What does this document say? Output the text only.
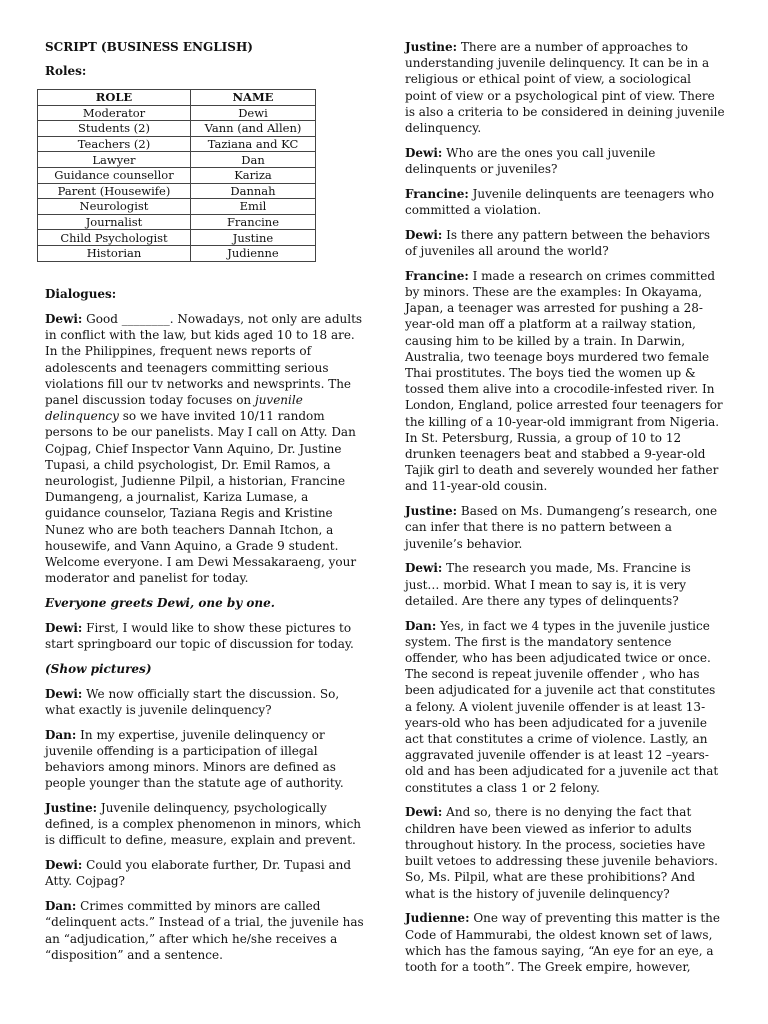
SCRIPT (BUSINESS ENGLISH)

Roles:

ROLE	NAME
Moderator	Dewi
Students (2)	Vann (and Allen)
Teachers (2)	Taziana and KC
Lawyer	Dan
Guidance counsellor	Kariza
Parent (Housewife)	Dannah
Neurologist	Emil
Journalist	Francine
Child Psychologist	Justine
Historian	Judienne

Dialogues:

Dewi: Good ________. Nowadays, not only are adults in conflict with the law, but kids aged 10 to 18 are. In the Philippines, frequent news reports of adolescents and teenagers committing serious violations fill our tv networks and newsprints. The panel discussion today focuses on juvenile delinquency so we have invited 10/11 random persons to be our panelists. May I call on Atty. Dan Cojpag, Chief Inspector Vann Aquino, Dr. Justine Tupasi, a child psychologist, Dr. Emil Ramos, a neurologist, Judienne Pilpil, a historian, Francine Dumangeng, a journalist, Kariza Lumase, a guidance counselor, Taziana Regis and Kristine Nunez who are both teachers Dannah Itchon, a housewife, and Vann Aquino, a Grade 9 student. Welcome everyone. I am Dewi Messakaraeng, your moderator and panelist for today.

Everyone greets Dewi, one by one.

Dewi: First, I would like to show these pictures to start springboard our topic of discussion for today.

(Show pictures)

Dewi: We now officially start the discussion. So, what exactly is juvenile delinquency?

Dan: In my expertise, juvenile delinquency or juvenile offending is a participation of illegal behaviors among minors. Minors are defined as people younger than the statute age of authority.

Justine: Juvenile delinquency, psychologically defined, is a complex phenomenon in minors, which is difficult to define, measure, explain and prevent.

Dewi: Could you elaborate further, Dr. Tupasi and Atty. Cojpag?

Dan: Crimes committed by minors are called “delinquent acts.” Instead of a trial, the juvenile has an “adjudication,” after which he/she receives a “disposition” and a sentence.

Justine: There are a number of approaches to understanding juvenile delinquency. It can be in a religious or ethical point of view, a sociological point of view or a psychological pint of view. There is also a criteria to be considered in deining juvenile delinquency.

Dewi: Who are the ones you call juvenile delinquents or juveniles?

Francine: Juvenile delinquents are teenagers who committed a violation.

Dewi: Is there any pattern between the behaviors of juveniles all around the world?

Francine: I made a research on crimes committed by minors. These are the examples: In Okayama, Japan, a teenager was arrested for pushing a 28-year-old man off a platform at a railway station, causing him to be killed by a train. In Darwin, Australia, two teenage boys murdered two female Thai prostitutes. The boys tied the women up & tossed them alive into a crocodile-infested river. In London, England, police arrested four teenagers for the killing of a 10-year-old immigrant from Nigeria. In St. Petersburg, Russia, a group of 10 to 12 drunken teenagers beat and stabbed a 9-year-old Tajik girl to death and severely wounded her father and 11-year-old cousin.

Justine: Based on Ms. Dumangeng’s research, one can infer that there is no pattern between a juvenile’s behavior.

Dewi: The research you made, Ms. Francine is just… morbid. What I mean to say is, it is very detailed. Are there any types of delinquents?

Dan: Yes, in fact we 4 types in the juvenile justice system. The first is the mandatory sentence offender, who has been adjudicated twice or once. The second is repeat juvenile offender , who has been adjudicated for a juvenile act that constitutes a felony. A violent juvenile offender is at least 13-years-old who has been adjudicated for a juvenile act that constitutes a crime of violence. Lastly, an aggravated juvenile offender is at least 12 –years-old and has been adjudicated for a juvenile act that constitutes a class 1 or 2 felony.

Dewi: And so, there is no denying the fact that children have been viewed as inferior to adults throughout history. In the process, societies have built vetoes to addressing these juvenile behaviors. So, Ms. Pilpil, what are these prohibitions? And what is the history of juvenile delinquency?

Judienne: One way of preventing this matter is the Code of Hammurabi, the oldest known set of laws, which has the famous saying, “An eye for an eye, a tooth for a tooth”. The Greek empire, however,
